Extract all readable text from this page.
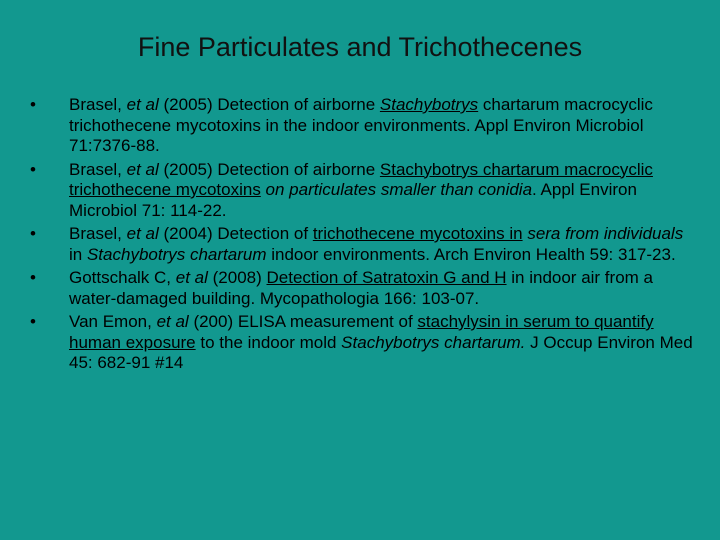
Fine Particulates and Trichothecenes
•	Brasel, et al (2005) Detection of airborne Stachybotrys chartarum macrocyclic trichothecene mycotoxins in the indoor environments. Appl Environ Microbiol 71:7376-88.
•	Brasel, et al (2005) Detection of airborne Stachybotrys chartarum macrocyclic trichothecene mycotoxins on particulates smaller than conidia. Appl Environ Microbiol 71: 114-22.
•	Brasel, et al (2004) Detection of trichothecene mycotoxins in sera from individuals in Stachybotrys chartarum indoor environments. Arch Environ Health 59: 317-23.
•	Gottschalk C, et al (2008) Detection of Satratoxin G and H in indoor air from a water-damaged building. Mycopathologia 166: 103-07.
•	Van Emon, et al (200) ELISA measurement of stachylysin in serum to quantify human exposure to the indoor mold Stachybotrys chartarum. J Occup Environ Med 45: 682-91 #14
